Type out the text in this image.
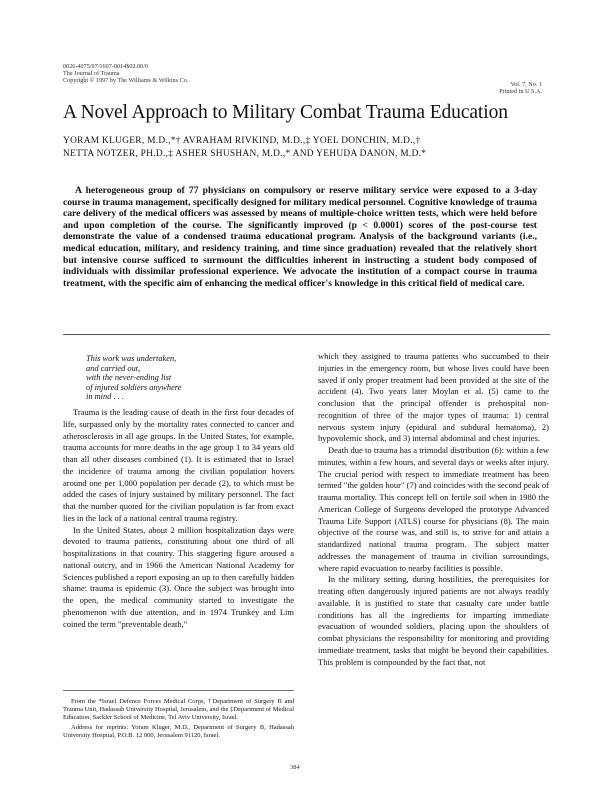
0026-4075/97/1607-0014$02.00/0
The Journal of Trauma
Copyright © 1997 by The Williams & Wilkins Co.
Vol. 7, No. 1
Printed in U.S.A.
A Novel Approach to Military Combat Trauma Education
YORAM KLUGER, M.D.,*† AVRAHAM RIVKIND, M.D.,‡ YOEL DONCHIN, M.D.,†
NETTA NOTZER, PH.D.,‡ ASHER SHUSHAN, M.D.,* AND YEHUDA DANON, M.D.*

A heterogeneous group of 77 physicians on compulsory or reserve military service were exposed to a 3-day course in trauma management, specifically designed for military medical personnel. Cognitive knowledge of trauma care delivery of the medical officers was assessed by means of multiple-choice written tests, which were held before and upon completion of the course. The significantly improved (p < 0.0001) scores of the post-course test demonstrate the value of a condensed trauma educational program. Analysis of the background variants (i.e., medical education, military, and residency training, and time since graduation) revealed that the relatively short but intensive course sufficed to surmount the difficulties inherent in instructing a student body composed of individuals with dissimilar professional experience. We advocate the institution of a compact course in trauma treatment, with the specific aim of enhancing the medical officer's knowledge in this critical field of medical care.

This work was undertaken,
and carried out,
with the never-ending list
of injured soldiers anywhere
in mind . . .

Trauma is the leading cause of death in the first four decades of life, surpassed only by the mortality rates connected to cancer and atherosclerosis in all age groups. In the United States, for example, trauma accounts for more deaths in the age group 1 to 34 years old than all other diseases combined (1). It is estimated that in Israel the incidence of trauma among the civilian population hovers around one per 1,000 population per decade (2), to which must be added the cases of injury sustained by military personnel. The fact that the number quoted for the civilian population is far from exact lies in the lack of a national central trauma registry.

In the United States, about 2 million hospitalization days were devoted to trauma patients, constituting about one third of all hospitalizations in that country. This staggering figure aroused a national outcry, and in 1966 the American National Academy for Sciences published a report exposing an up to then carefully hidden shame: trauma is epidemic (3). Once the subject was brought into the open, the medical community started to investigate the phenomenon with due attention, and in 1974 Trunkey and Lim coined the term "preventable death,"

which they assigned to trauma patients who succumbed to their injuries in the emergency room, but whose lives could have been saved if only proper treatment had been provided at the site of the accident (4). Two years later Moylan et al. (5) came to the conclusion that the principal offender is prehospital non-recognition of three of the major types of trauma: 1) central nervous system injury (epidural and subdural hematoma), 2) hypovolemic shock, and 3) internal abdominal and chest injuries.

Death due to trauma has a trimodal distribution (6): within a few minutes, within a few hours, and several days or weeks after injury. The crucial period with respect to immediate treatment has been termed "the golden hour" (7) and coincides with the second peak of trauma mortality. This concept fell on fertile soil when in 1980 the American College of Surgeons developed the prototype Advanced Trauma Life Support (ATLS) course for physicians (8). The main objective of the course was, and still is, to strive for and attain a standardized national trauma program. The subject matter addresses the management of trauma in civilian surroundings, where rapid evacuation to nearby facilities is possible.

In the military setting, during hostilities, the prerequisites for treating often dangerously injured patients are not always readily available. It is justified to state that casualty care under battle conditions has all the ingredients for imparting immediate evacuation of wounded soldiers, placing upon the shoulders of combat physicians the responsibility for monitoring and providing immediate treatment, tasks that might be beyond their capabilities. This problem is compounded by the fact that, not

From the *Israel Defence Forces Medical Corps, †Department of Surgery B and Trauma Unit, Hadassah University Hospital, Jerusalem, and the ‡Department of Medical Education, Sackler School of Medicine, Tel Aviv University, Israel.

Address for reprints: Yoram Kluger, M.D., Department of Surgery B, Hadassah University Hospital, P.O.B. 12 000, Jerusalem 91120, Israel.

384
